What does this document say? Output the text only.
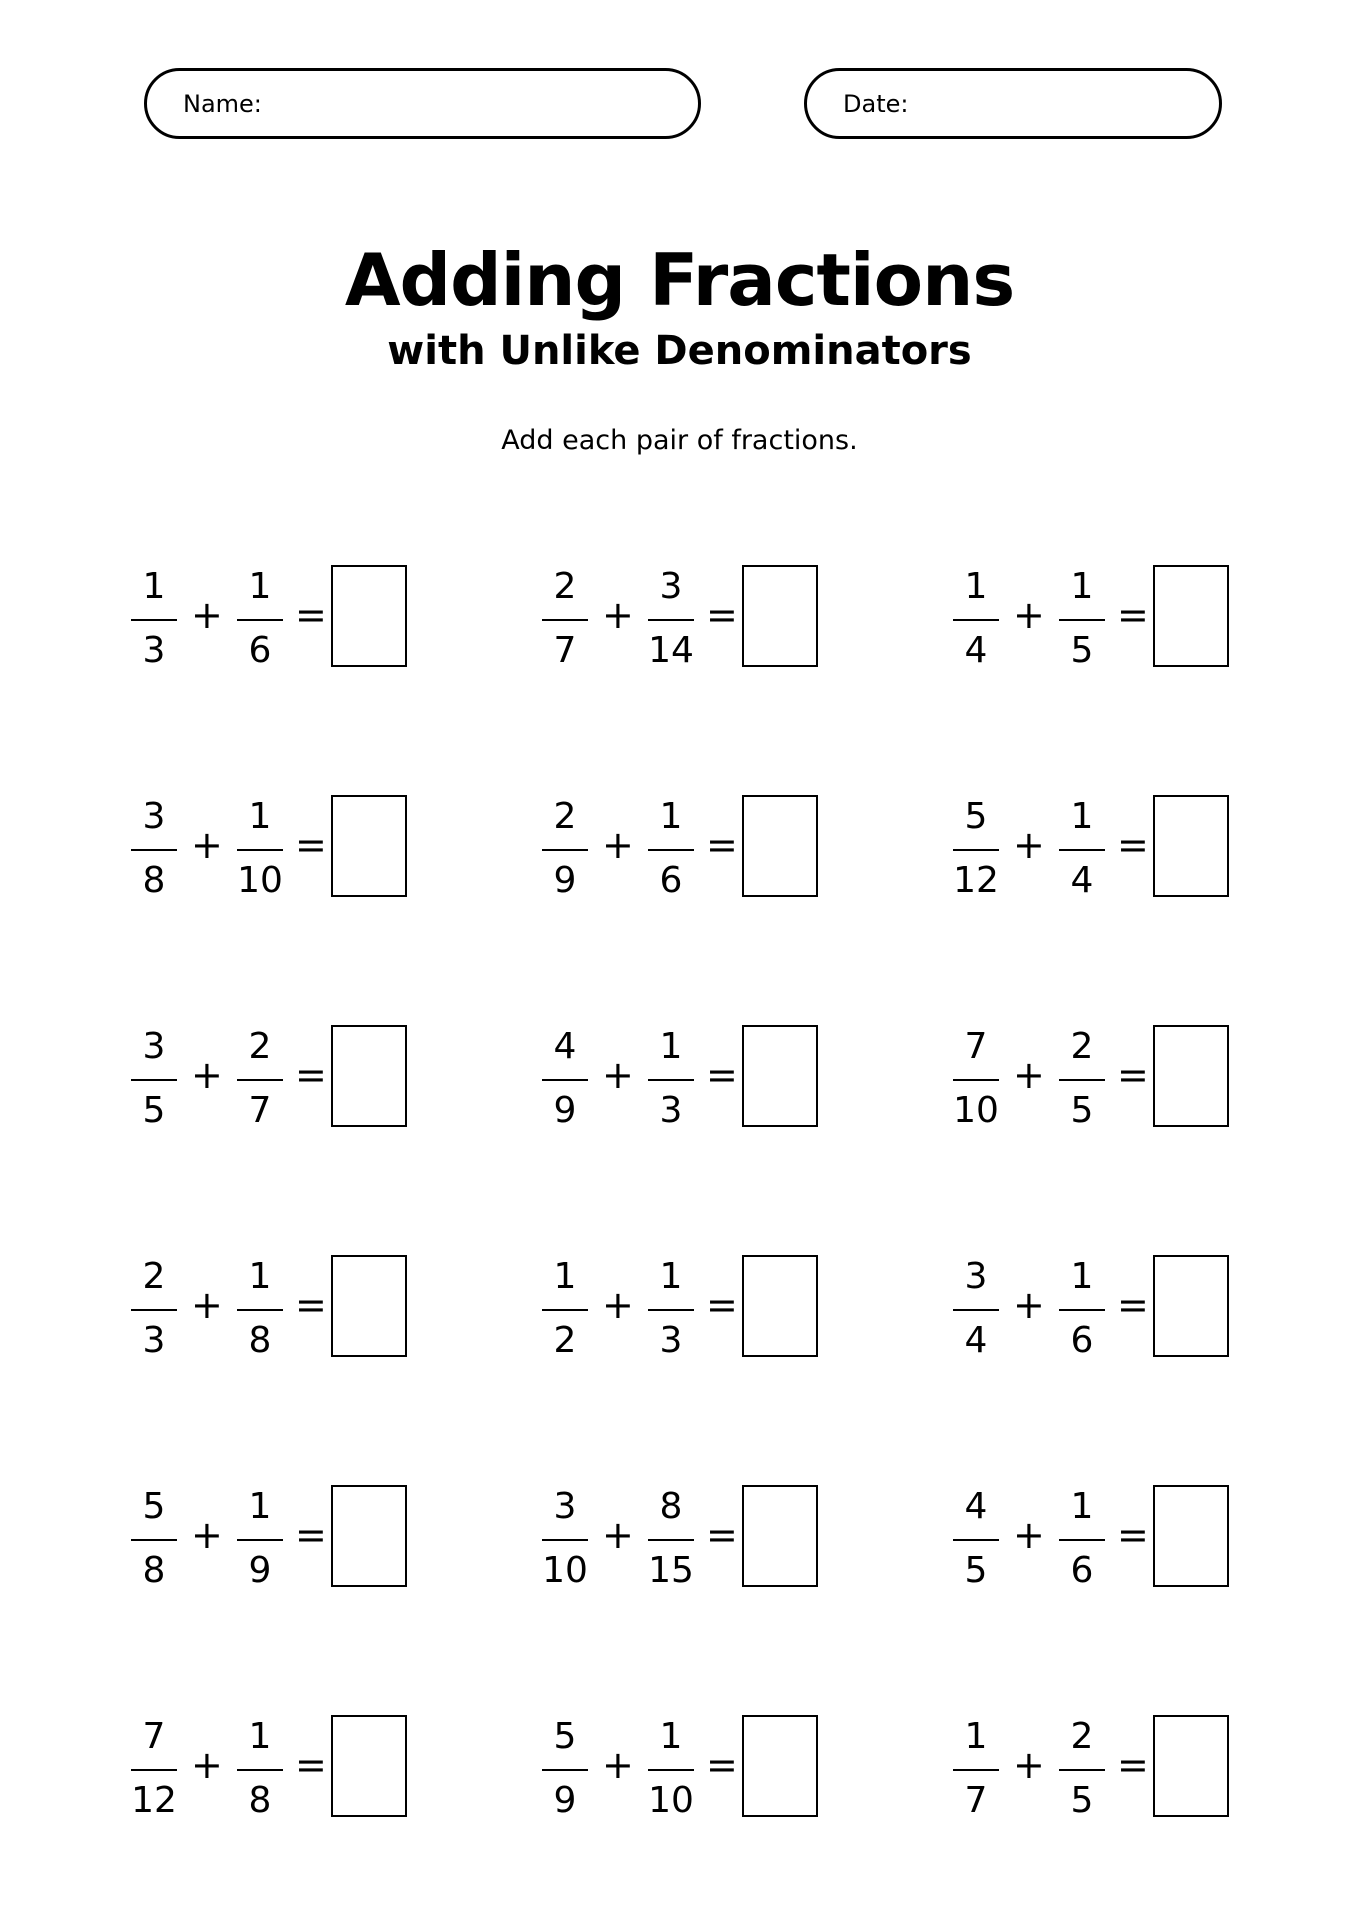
Name:	Date:
Adding Fractions
with Unlike Denominators
Add each pair of fractions.
1
3
+
1
6
=
2
7
+
3
14
=
1
4
+
1
5
=
3
8
+
1
10
=
2
9
+
1
6
=
5
12
+
1
4
=
3
5
+
2
7
=
4
9
+
1
3
=
7
10
+
2
5
=
2
3
+
1
8
=
1
2
+
1
3
=
3
4
+
1
6
=
5
8
+
1
9
=
3
10
+
8
15
=
4
5
+
1
6
=
7
12
+
1
8
=
5
9
+
1
10
=
1
7
+
2
5
=
